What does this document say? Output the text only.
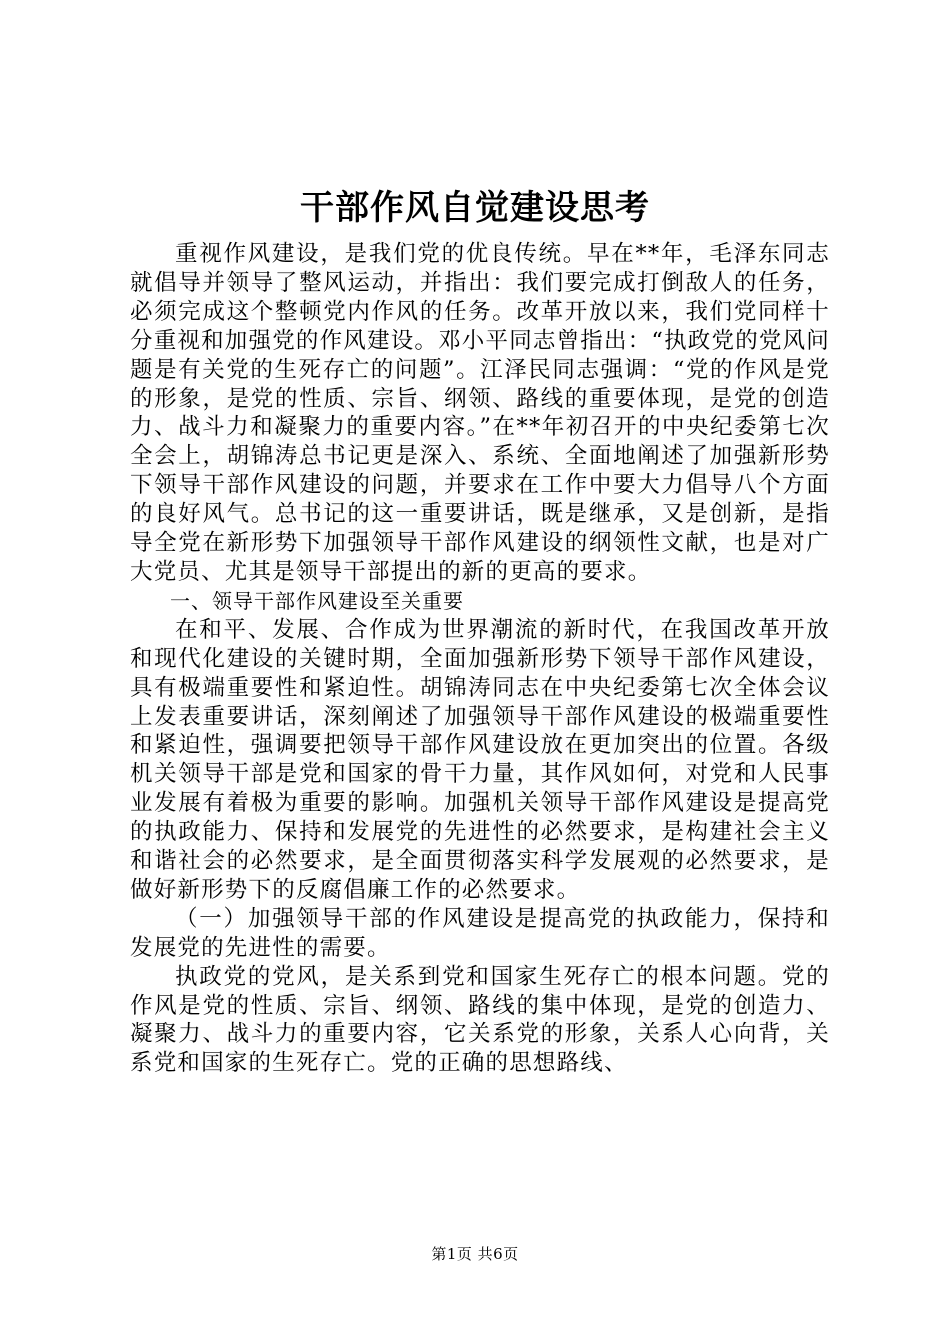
干部作风自觉建设思考

重视作风建设，是我们党的优良传统。早在**年，毛泽东同志就倡导并领导了整风运动，并指出：我们要完成打倒敌人的任务，必须完成这个整顿党内作风的任务。改革开放以来，我们党同样十分重视和加强党的作风建设。邓小平同志曾指出：“执政党的党风问题是有关党的生死存亡的问题”。江泽民同志强调：“党的作风是党的形象，是党的性质、宗旨、纲领、路线的重要体现，是党的创造力、战斗力和凝聚力的重要内容。”在**年初召开的中央纪委第七次全会上，胡锦涛总书记更是深入、系统、全面地阐述了加强新形势下领导干部作风建设的问题，并要求在工作中要大力倡导八个方面的良好风气。总书记的这一重要讲话，既是继承，又是创新，是指导全党在新形势下加强领导干部作风建设的纲领性文献，也是对广大党员、尤其是领导干部提出的新的更高的要求。

一、领导干部作风建设至关重要

在和平、发展、合作成为世界潮流的新时代，在我国改革开放和现代化建设的关键时期，全面加强新形势下领导干部作风建设，具有极端重要性和紧迫性。胡锦涛同志在中央纪委第七次全体会议上发表重要讲话，深刻阐述了加强领导干部作风建设的极端重要性和紧迫性，强调要把领导干部作风建设放在更加突出的位置。各级机关领导干部是党和国家的骨干力量，其作风如何，对党和人民事业发展有着极为重要的影响。加强机关领导干部作风建设是提高党的执政能力、保持和发展党的先进性的必然要求，是构建社会主义和谐社会的必然要求，是全面贯彻落实科学发展观的必然要求，是做好新形势下的反腐倡廉工作的必然要求。

（一）加强领导干部的作风建设是提高党的执政能力，保持和发展党的先进性的需要。

执政党的党风，是关系到党和国家生死存亡的根本问题。党的作风是党的性质、宗旨、纲领、路线的集中体现，是党的创造力、凝聚力、战斗力的重要内容，它关系党的形象，关系人心向背，关系党和国家的生死存亡。党的正确的思想路线、

第1页 共6页
